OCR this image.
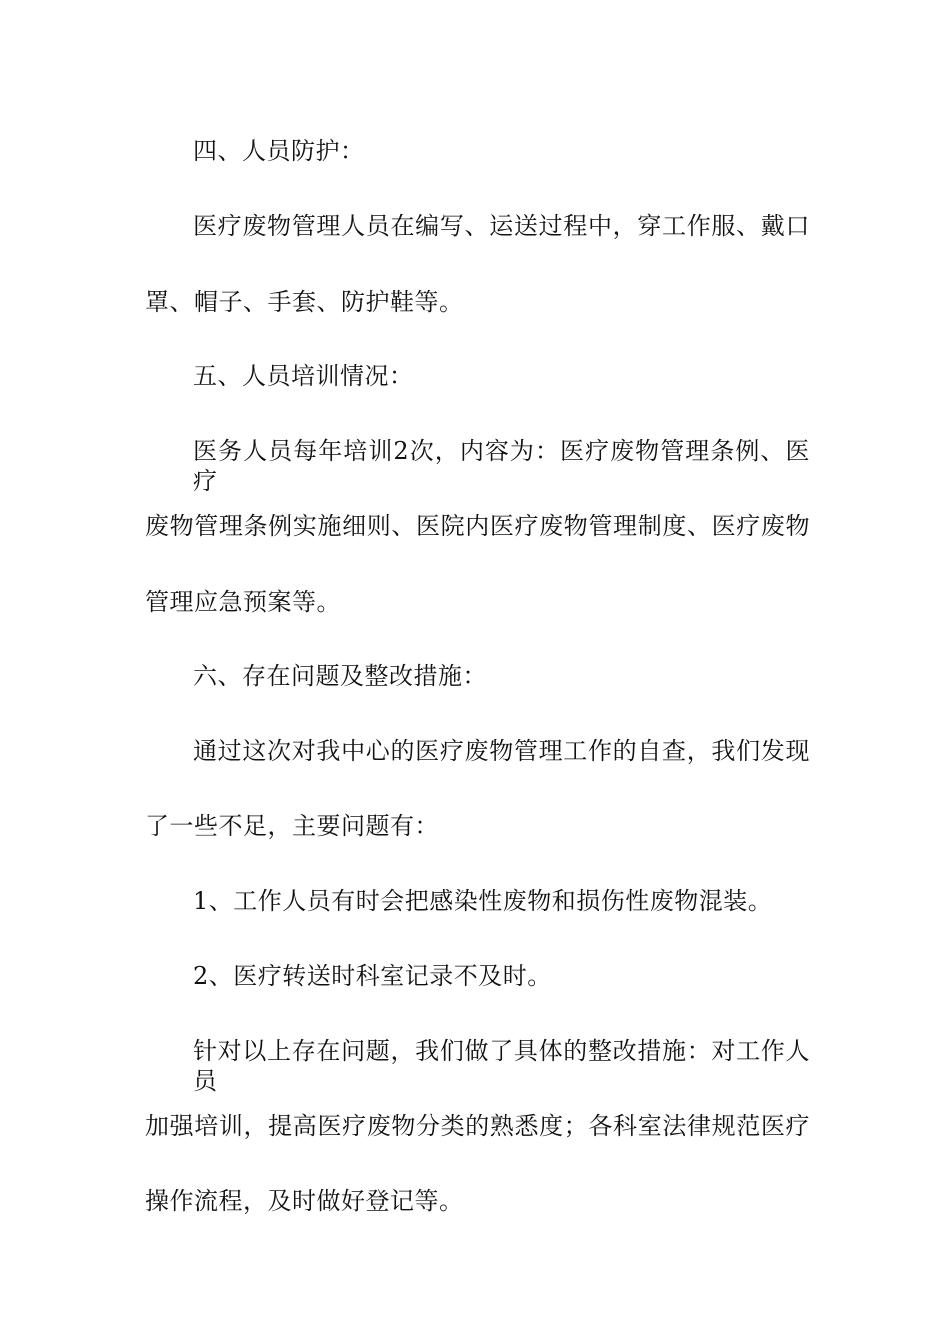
四、人员防护：
医疗废物管理人员在编写、运送过程中，穿工作服、戴口
罩、帽子、手套、防护鞋等。
五、人员培训情况：
医务人员每年培训2次，内容为：医疗废物管理条例、医疗
废物管理条例实施细则、医院内医疗废物管理制度、医疗废物
管理应急预案等。
六、存在问题及整改措施：
通过这次对我中心的医疗废物管理工作的自查，我们发现
了一些不足，主要问题有：
1、工作人员有时会把感染性废物和损伤性废物混装。
2、医疗转送时科室记录不及时。
针对以上存在问题，我们做了具体的整改措施：对工作人员
加强培训，提高医疗废物分类的熟悉度；各科室法律规范医疗
操作流程，及时做好登记等。
